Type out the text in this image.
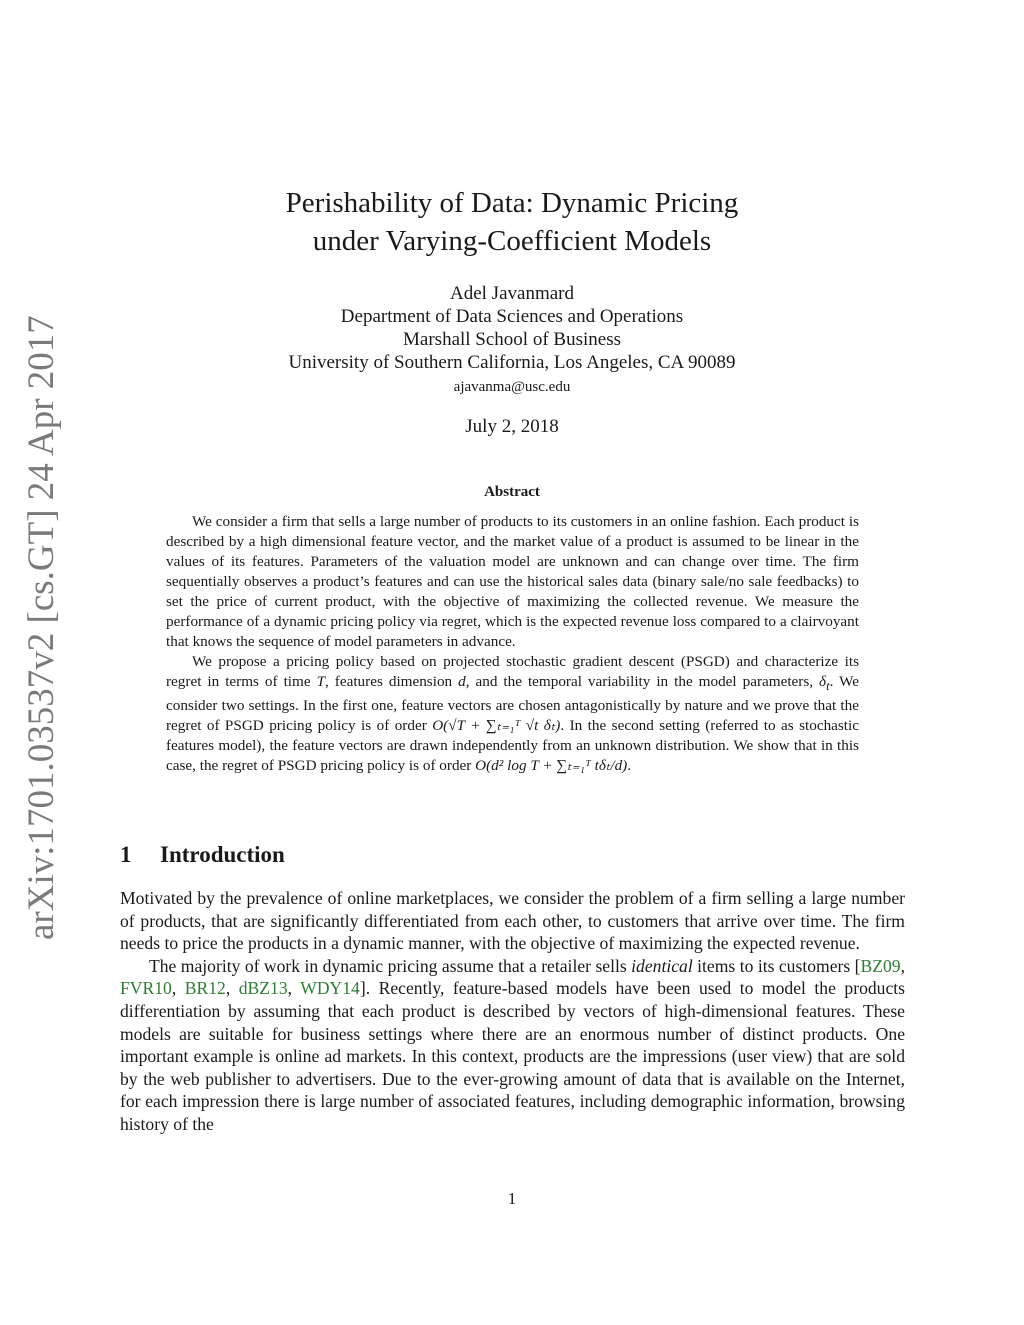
arXiv:1701.03537v2 [cs.GT] 24 Apr 2017
Perishability of Data: Dynamic Pricing
under Varying-Coefficient Models
Adel Javanmard
Department of Data Sciences and Operations
Marshall School of Business
University of Southern California, Los Angeles, CA 90089
ajavanma@usc.edu
July 2, 2018
Abstract

We consider a firm that sells a large number of products to its customers in an online fashion. Each product is described by a high dimensional feature vector, and the market value of a product is assumed to be linear in the values of its features. Parameters of the valuation model are unknown and can change over time. The firm sequentially observes a product’s features and can use the historical sales data (binary sale/no sale feedbacks) to set the price of current product, with the objective of maximizing the collected revenue. We measure the performance of a dynamic pricing policy via regret, which is the expected revenue loss compared to a clairvoyant that knows the sequence of model parameters in advance.

We propose a pricing policy based on projected stochastic gradient descent (PSGD) and characterize its regret in terms of time T, features dimension d, and the temporal variability in the model parameters, $\delta_t$. We consider two settings. In the first one, feature vectors are chosen antagonistically by nature and we prove that the regret of PSGD pricing policy is of order O(√T + ∑ₜ₌₁ᵀ √t δₜ). In the second setting (referred to as stochastic features model), the feature vectors are drawn independently from an unknown distribution. We show that in this case, the regret of PSGD pricing policy is of order O(d² log T + ∑ₜ₌₁ᵀ tδₜ/d).

1 Introduction

Motivated by the prevalence of online marketplaces, we consider the problem of a firm selling a large number of products, that are significantly differentiated from each other, to customers that arrive over time. The firm needs to price the products in a dynamic manner, with the objective of maximizing the expected revenue.

The majority of work in dynamic pricing assume that a retailer sells identical items to its customers [BZ09, FVR10, BR12, dBZ13, WDY14]. Recently, feature-based models have been used to model the products differentiation by assuming that each product is described by vectors of high-dimensional features. These models are suitable for business settings where there are an enormous number of distinct products. One important example is online ad markets. In this context, products are the impressions (user view) that are sold by the web publisher to advertisers. Due to the ever-growing amount of data that is available on the Internet, for each impression there is large number of associated features, including demographic information, browsing history of the

1
